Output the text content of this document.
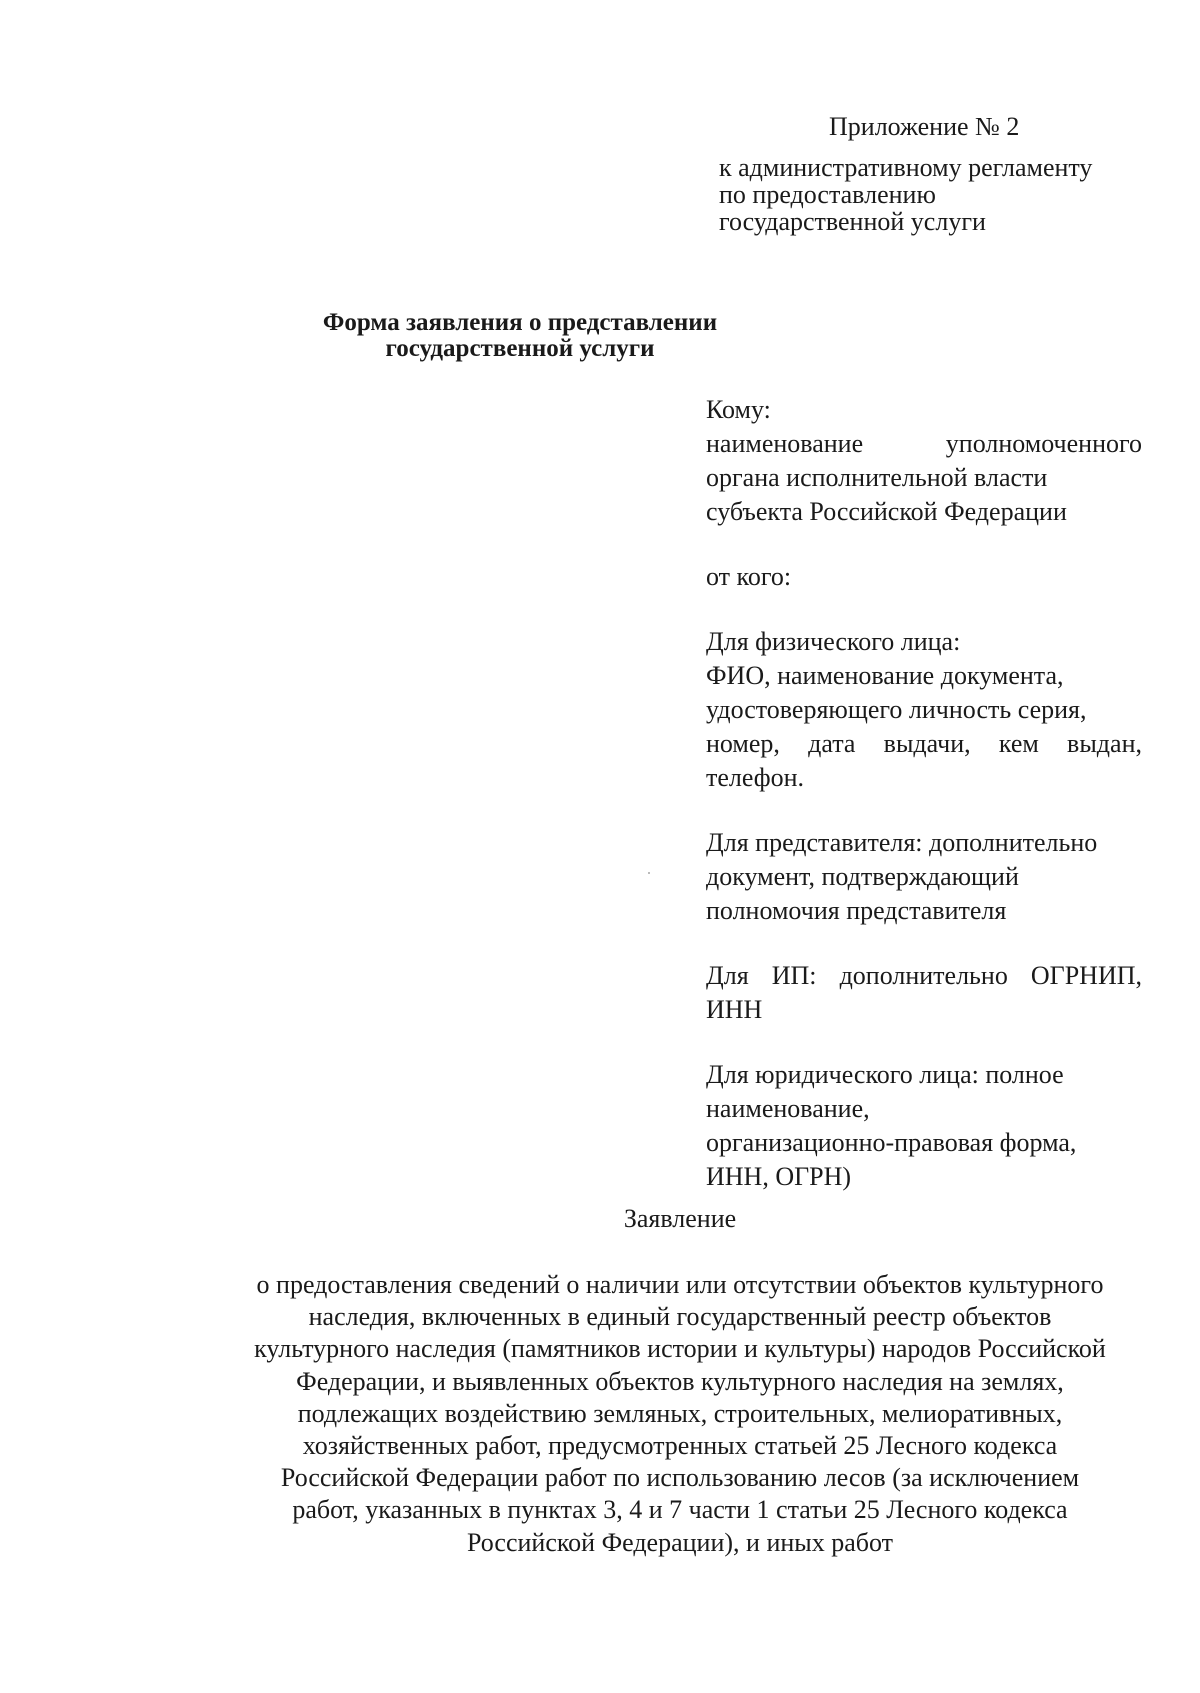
Приложение № 2
к административному регламенту
по предоставлению
государственной услуги
Форма заявления о представлении
государственной услуги

Кому:

наименование уполномоченного

органа исполнительной власти

субъекта Российской Федерации

от кого:

Для физического лица:

ФИО, наименование документа,

удостоверяющего личность серия,

номер, дата выдачи, кем выдан,

телефон.

Для представителя: дополнительно

документ, подтверждающий

полномочия представителя

Для ИП: дополнительно ОГРНИП,

ИНН

Для юридического лица: полное

наименование,

организационно-правовая форма,

ИНН, ОГРН)

Заявление
о предоставления сведений о наличии или отсутствии объектов культурного
наследия, включенных в единый государственный реестр объектов
культурного наследия (памятников истории и культуры) народов Российской
Федерации, и выявленных объектов культурного наследия на землях,
подлежащих воздействию земляных, строительных, мелиоративных,
хозяйственных работ, предусмотренных статьей 25 Лесного кодекса
Российской Федерации работ по использованию лесов (за исключением
работ, указанных в пунктах 3, 4 и 7 части 1 статьи 25 Лесного кодекса
Российской Федерации), и иных работ
